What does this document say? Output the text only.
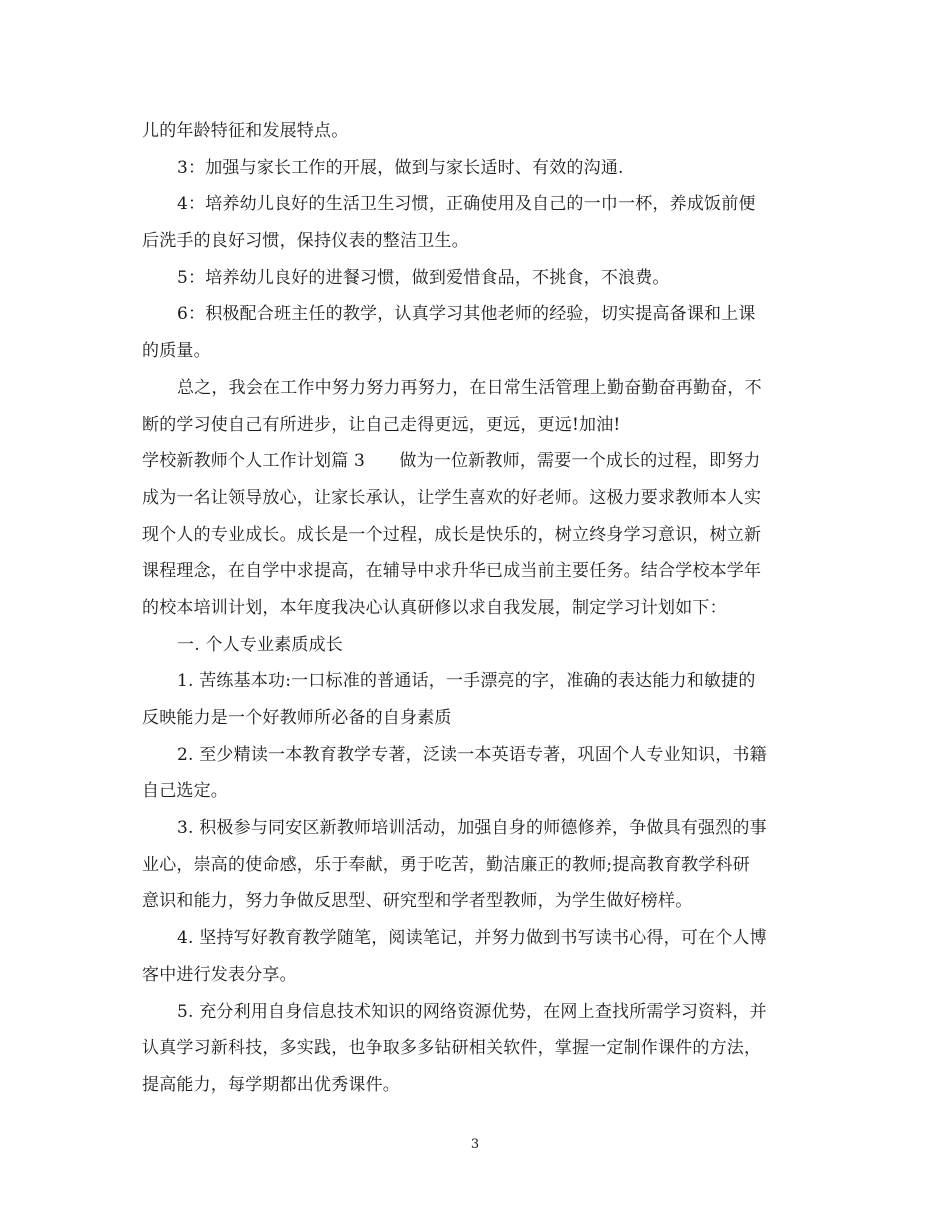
儿的年龄特征和发展特点。
3：加强与家长工作的开展，做到与家长适时、有效的沟通.
4：培养幼儿良好的生活卫生习惯，正确使用及自己的一巾一杯，养成饭前便
后洗手的良好习惯，保持仪表的整洁卫生。
5：培养幼儿良好的进餐习惯，做到爱惜食品，不挑食，不浪费。
6：积极配合班主任的教学，认真学习其他老师的经验，切实提高备课和上课
的质量。
总之，我会在工作中努力努力再努力，在日常生活管理上勤奋勤奋再勤奋，不
断的学习使自己有所进步，让自己走得更远，更远，更远!加油!
学校新教师个人工作计划篇 3　　做为一位新教师，需要一个成长的过程，即努力
成为一名让领导放心，让家长承认，让学生喜欢的好老师。这极力要求教师本人实
现个人的专业成长。成长是一个过程，成长是快乐的，树立终身学习意识，树立新
课程理念，在自学中求提高，在辅导中求升华已成当前主要任务。结合学校本学年
的校本培训计划，本年度我决心认真研修以求自我发展，制定学习计划如下：
一. 个人专业素质成长
1. 苦练基本功:一口标准的普通话，一手漂亮的字，准确的表达能力和敏捷的
反映能力是一个好教师所必备的自身素质
2. 至少精读一本教育教学专著，泛读一本英语专著，巩固个人专业知识，书籍
自己选定。
3. 积极参与同安区新教师培训活动，加强自身的师德修养，争做具有强烈的事
业心，崇高的使命感，乐于奉献，勇于吃苦，勤洁廉正的教师;提高教育教学科研
意识和能力，努力争做反思型、研究型和学者型教师，为学生做好榜样。
4. 坚持写好教育教学随笔，阅读笔记，并努力做到书写读书心得，可在个人博
客中进行发表分享。
5. 充分利用自身信息技术知识的网络资源优势，在网上查找所需学习资料，并
认真学习新科技，多实践，也争取多多钻研相关软件，掌握一定制作课件的方法，
提高能力，每学期都出优秀课件。
3
